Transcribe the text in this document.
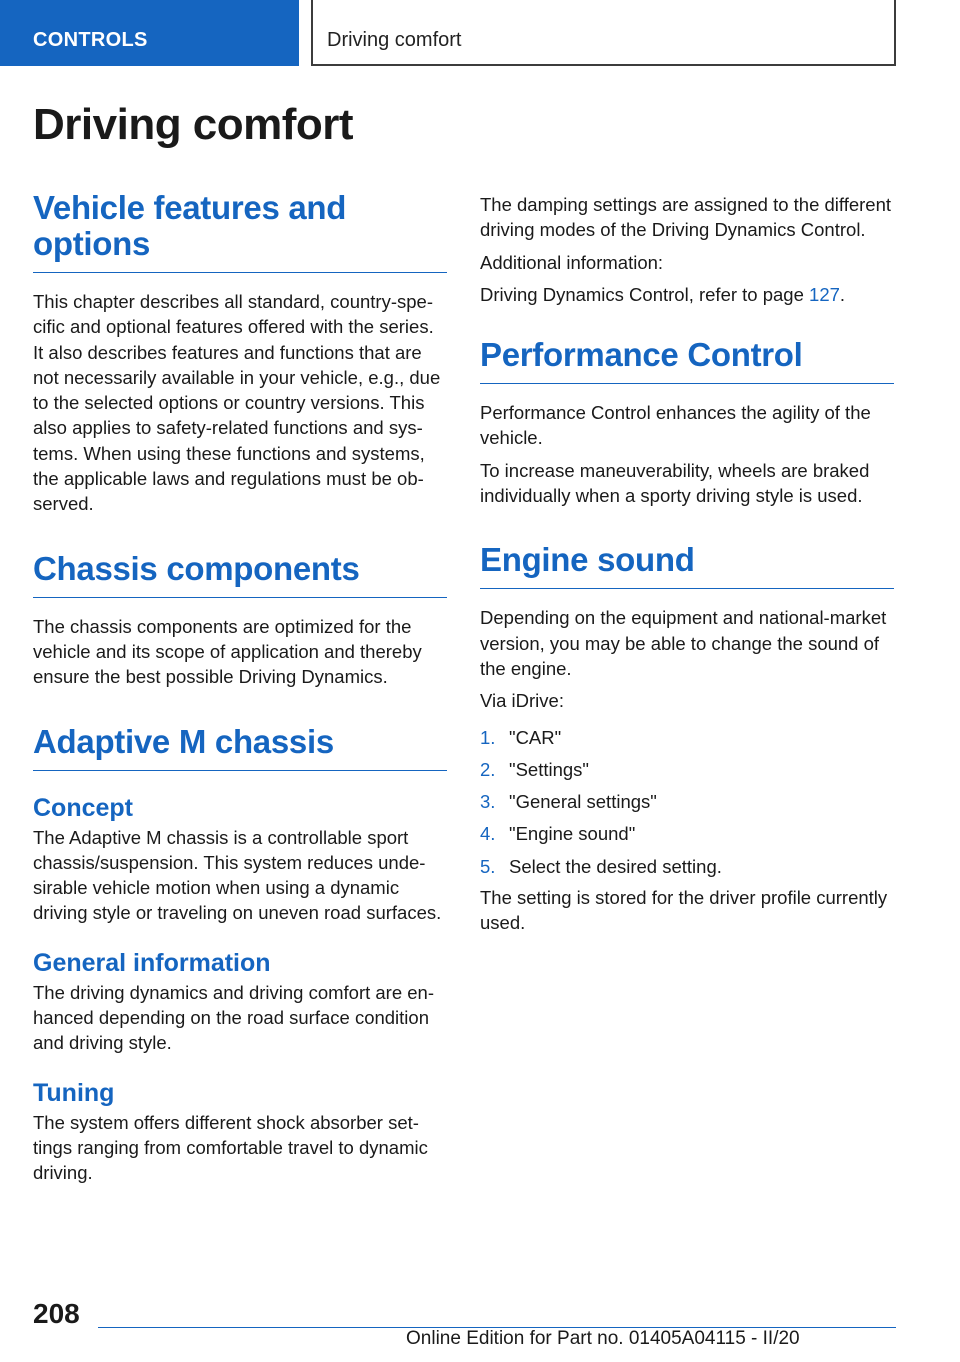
CONTROLS	Driving comfort
Driving comfort
Vehicle features and
options

This chapter describes all standard, country-specific and optional features offered with the series. It also describes features and functions that are not necessarily available in your vehicle, e.g., due to the selected options or country versions. This also applies to safety-related functions and systems. When using these functions and systems, the applicable laws and regulations must be observed.

Chassis components

The chassis components are optimized for the vehicle and its scope of application and thereby ensure the best possible Driving Dynamics.

Adaptive M chassis
Concept

The Adaptive M chassis is a controllable sport chassis/suspension. This system reduces undesirable vehicle motion when using a dynamic driving style or traveling on uneven road surfaces.

General information

The driving dynamics and driving comfort are enhanced depending on the road surface condition and driving style.

Tuning

The system offers different shock absorber settings ranging from comfortable travel to dynamic driving.

The damping settings are assigned to the different driving modes of the Driving Dynamics Control.

Additional information:

Driving Dynamics Control, refer to page 127.

Performance Control

Performance Control enhances the agility of the vehicle.

To increase maneuverability, wheels are braked individually when a sporty driving style is used.

Engine sound

Depending on the equipment and national-market version, you may be able to change the sound of the engine.

Via iDrive:

1. "CAR"
2. "Settings"
3. "General settings"
4. "Engine sound"
5. Select the desired setting.

The setting is stored for the driver profile currently used.

208
Online Edition for Part no. 01405A04115 - II/20
